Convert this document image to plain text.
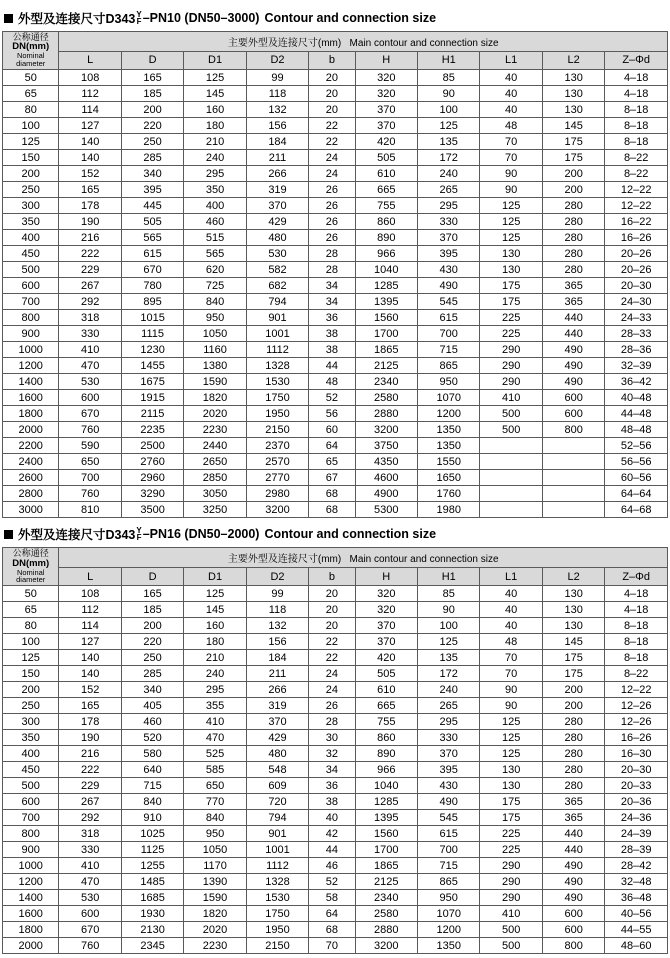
外型及连接尺寸D343 Y
F –PN10 (DN50–3000) Contour and connection size
公称通径
DN(mm)
Nominal diameter	主要外型及连接尺寸(mm) Main contour and connection size									
	L	D	D1	D2	b	H	H1	L1	L2	Z–Φd
50	108	165	125	99	20	320	85	40	130	4–18
65	112	185	145	118	20	320	90	40	130	4–18
80	114	200	160	132	20	370	100	40	130	8–18
100	127	220	180	156	22	370	125	48	145	8–18
125	140	250	210	184	22	420	135	70	175	8–18
150	140	285	240	211	24	505	172	70	175	8–22
200	152	340	295	266	24	610	240	90	200	8–22
250	165	395	350	319	26	665	265	90	200	12–22
300	178	445	400	370	26	755	295	125	280	12–22
350	190	505	460	429	26	860	330	125	280	16–22
400	216	565	515	480	26	890	370	125	280	16–26
450	222	615	565	530	28	966	395	130	280	20–26
500	229	670	620	582	28	1040	430	130	280	20–26
600	267	780	725	682	34	1285	490	175	365	20–30
700	292	895	840	794	34	1395	545	175	365	24–30
800	318	1015	950	901	36	1560	615	225	440	24–33
900	330	1115	1050	1001	38	1700	700	225	440	28–33
1000	410	1230	1160	1112	38	1865	715	290	490	28–36
1200	470	1455	1380	1328	44	2125	865	290	490	32–39
1400	530	1675	1590	1530	48	2340	950	290	490	36–42
1600	600	1915	1820	1750	52	2580	1070	410	600	40–48
1800	670	2115	2020	1950	56	2880	1200	500	600	44–48
2000	760	2235	2230	2150	60	3200	1350	500	800	48–48
2200	590	2500	2440	2370	64	3750	1350			52–56
2400	650	2760	2650	2570	65	4350	1550			56–56
2600	700	2960	2850	2770	67	4600	1650			60–56
2800	760	3290	3050	2980	68	4900	1760			64–64
3000	810	3500	3250	3200	68	5300	1980			64–68
外型及连接尺寸D343 Y
F –PN16 (DN50–2000) Contour and connection size
公称通径
DN(mm)
Nominal diameter	主要外型及连接尺寸(mm) Main contour and connection size									
	L	D	D1	D2	b	H	H1	L1	L2	Z–Φd
50	108	165	125	99	20	320	85	40	130	4–18
65	112	185	145	118	20	320	90	40	130	4–18
80	114	200	160	132	20	370	100	40	130	8–18
100	127	220	180	156	22	370	125	48	145	8–18
125	140	250	210	184	22	420	135	70	175	8–18
150	140	285	240	211	24	505	172	70	175	8–22
200	152	340	295	266	24	610	240	90	200	12–22
250	165	405	355	319	26	665	265	90	200	12–26
300	178	460	410	370	28	755	295	125	280	12–26
350	190	520	470	429	30	860	330	125	280	16–26
400	216	580	525	480	32	890	370	125	280	16–30
450	222	640	585	548	34	966	395	130	280	20–30
500	229	715	650	609	36	1040	430	130	280	20–33
600	267	840	770	720	38	1285	490	175	365	20–36
700	292	910	840	794	40	1395	545	175	365	24–36
800	318	1025	950	901	42	1560	615	225	440	24–39
900	330	1125	1050	1001	44	1700	700	225	440	28–39
1000	410	1255	1170	1112	46	1865	715	290	490	28–42
1200	470	1485	1390	1328	52	2125	865	290	490	32–48
1400	530	1685	1590	1530	58	2340	950	290	490	36–48
1600	600	1930	1820	1750	64	2580	1070	410	600	40–56
1800	670	2130	2020	1950	68	2880	1200	500	600	44–55
2000	760	2345	2230	2150	70	3200	1350	500	800	48–60
